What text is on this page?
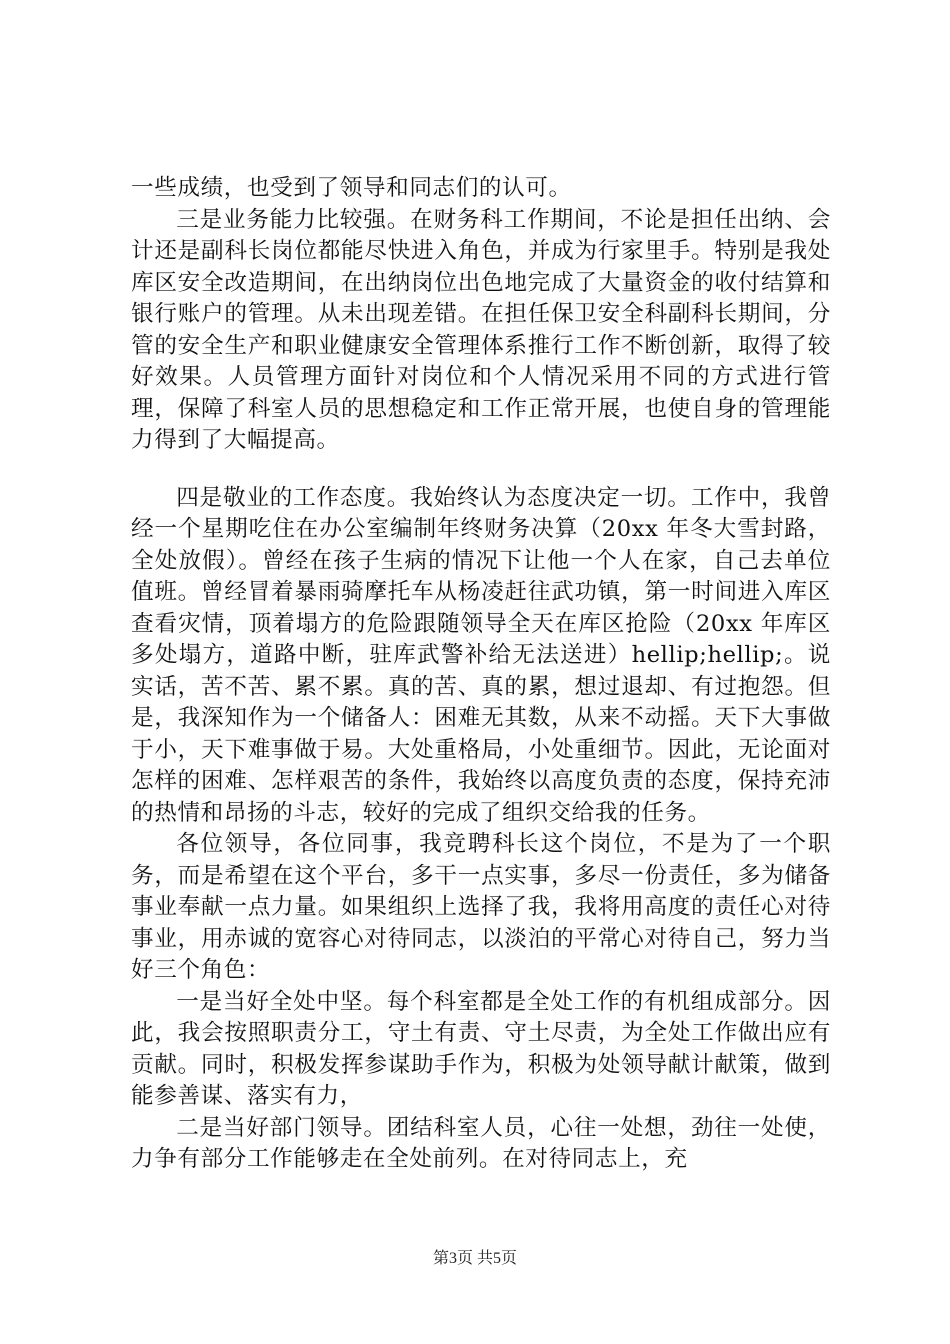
一些成绩，也受到了领导和同志们的认可。

三是业务能力比较强。在财务科工作期间，不论是担任出纳、会计还是副科长岗位都能尽快进入角色，并成为行家里手。特别是我处库区安全改造期间，在出纳岗位出色地完成了大量资金的收付结算和银行账户的管理。从未出现差错。在担任保卫安全科副科长期间，分管的安全生产和职业健康安全管理体系推行工作不断创新，取得了较好效果。人员管理方面针对岗位和个人情况采用不同的方式进行管理，保障了科室人员的思想稳定和工作正常开展，也使自身的管理能力得到了大幅提高。

四是敬业的工作态度。我始终认为态度决定一切。工作中，我曾经一个星期吃住在办公室编制年终财务决算（20xx 年冬大雪封路，全处放假）。曾经在孩子生病的情况下让他一个人在家，自己去单位值班。曾经冒着暴雨骑摩托车从杨凌赶往武功镇，第一时间进入库区查看灾情，顶着塌方的危险跟随领导全天在库区抢险（20xx 年库区多处塌方，道路中断，驻库武警补给无法送进）hellip;hellip;。说实话，苦不苦、累不累。真的苦、真的累，想过退却、有过抱怨。但是，我深知作为一个储备人：困难无其数，从来不动摇。天下大事做于小，天下难事做于易。大处重格局，小处重细节。因此，无论面对怎样的困难、怎样艰苦的条件，我始终以高度负责的态度，保持充沛的热情和昂扬的斗志，较好的完成了组织交给我的任务。

各位领导，各位同事，我竞聘科长这个岗位，不是为了一个职务，而是希望在这个平台，多干一点实事，多尽一份责任，多为储备事业奉献一点力量。如果组织上选择了我，我将用高度的责任心对待事业，用赤诚的宽容心对待同志，以淡泊的平常心对待自己，努力当好三个角色：

一是当好全处中坚。每个科室都是全处工作的有机组成部分。因此，我会按照职责分工，守土有责、守土尽责，为全处工作做出应有贡献。同时，积极发挥参谋助手作为，积极为处领导献计献策，做到能参善谋、落实有力，

二是当好部门领导。团结科室人员，心往一处想，劲往一处使，力争有部分工作能够走在全处前列。在对待同志上，充

第3页 共5页
